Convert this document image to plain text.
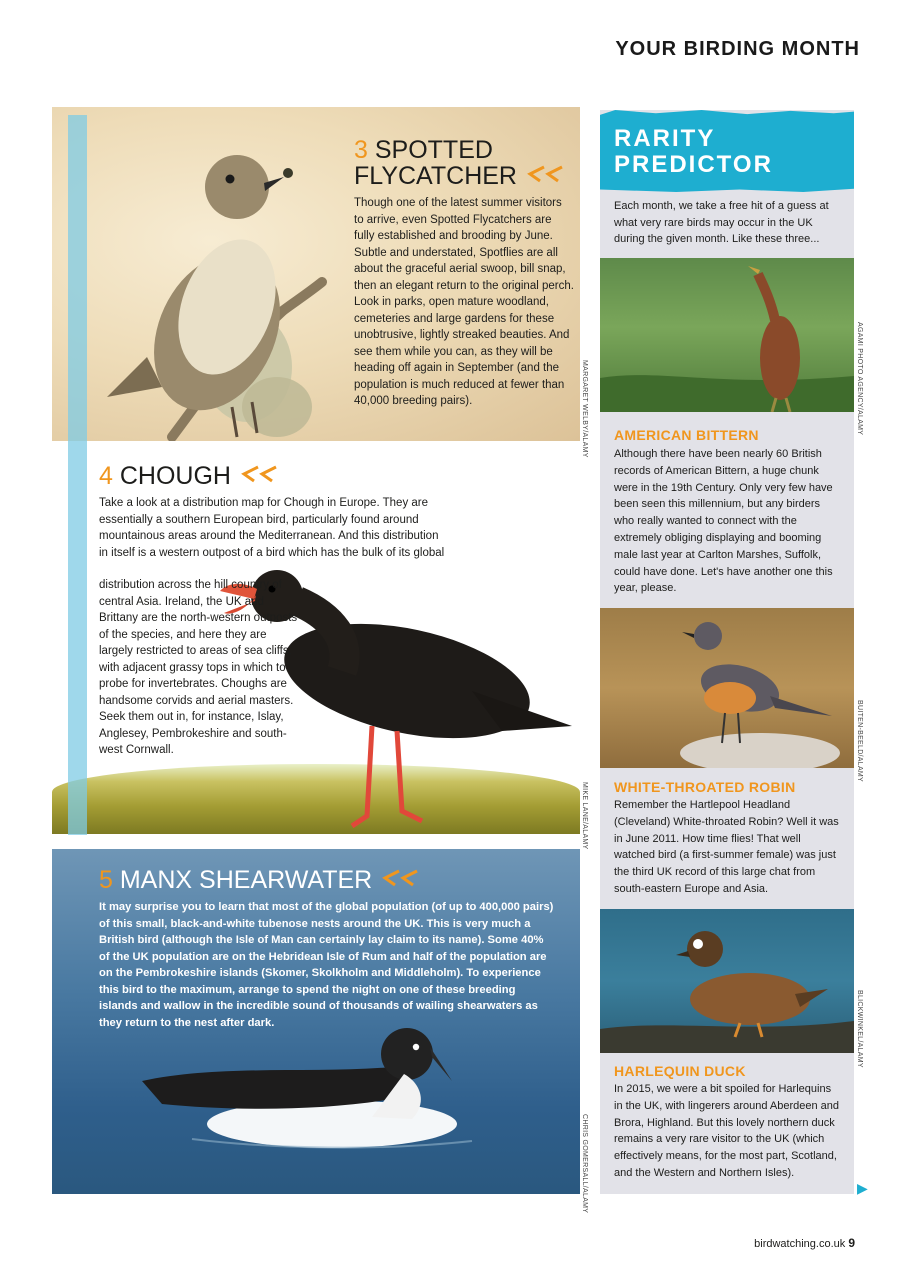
YOUR BIRDING MONTH
3 SPOTTED
FLYCATCHER

Though one of the latest summer visitors to arrive, even Spotted Flycatchers are fully established and brooding by June. Subtle and understated, Spotflies are all about the graceful aerial swoop, bill snap, then an elegant return to the original perch. Look in parks, open mature woodland, cemeteries and large gardens for these unobtrusive, lightly streaked beauties. And see them while you can, as they will be heading off again in September (and the population is much reduced at fewer than 40,000 breeding pairs).	MARGARET WELBY/ALAMY
4 CHOUGH

Take a look at a distribution map for Chough in Europe. They are essentially a southern European bird, particularly found around mountainous areas around the Mediterranean. And this distribution in itself is a western outpost of a bird which has the bulk of its global

distribution across the hill country of central Asia. Ireland, the UK and Brittany are the north-western outposts of the species, and here they are largely restricted to areas of sea cliffs, with adjacent grassy tops in which to probe for invertebrates. Choughs are handsome corvids and aerial masters. Seek them out in, for instance, Islay, Anglesey, Pembrokeshire and south-west Cornwall.

MIKE LANE/ALAMY
5 MANX SHEARWATER

It may surprise you to learn that most of the global population (of up to 400,000 pairs) of this small, black-and-white tubenose nests around the UK. This is very much a British bird (although the Isle of Man can certainly lay claim to its name). Some 40% of the UK population are on the Hebridean Isle of Rum and half of the population are on the Pembrokeshire islands (Skomer, Skolkholm and Middleholm). To experience this bird to the maximum, arrange to spend the night on one of these breeding islands and wallow in the incredible sound of thousands of wailing shearwaters as they return to the nest after dark.

CHRIS GOMERSALL/ALAMY
RARITY
PREDICTOR
Each month, we take a free hit of a guess at what very rare birds may occur in the UK during the given month. Like these three...
AGAMI PHOTO AGENCY/ALAMY
AMERICAN BITTERN
Although there have been nearly 60 British records of American Bittern, a huge chunk were in the 19th Century. Only very few have been seen this millennium, but any birders who really wanted to connect with the extremely obliging displaying and booming male last year at Carlton Marshes, Suffolk, could have done. Let's have another one this year, please.
BUITEN-BEELD/ALAMY
WHITE-THROATED ROBIN
Remember the Hartlepool Headland (Cleveland) White-throated Robin? Well it was in June 2011. How time flies! That well watched bird (a first-summer female) was just the third UK record of this large chat from south-eastern Europe and Asia.
BLICKWINKEL/ALAMY
HARLEQUIN DUCK
In 2015, we were a bit spoiled for Harlequins in the UK, with lingerers around Aberdeen and Brora, Highland. But this lovely northern duck remains a very rare visitor to the UK (which effectively means, for the most part, Scotland, and the Western and Northern Isles).
▶
birdwatching.co.uk 9
